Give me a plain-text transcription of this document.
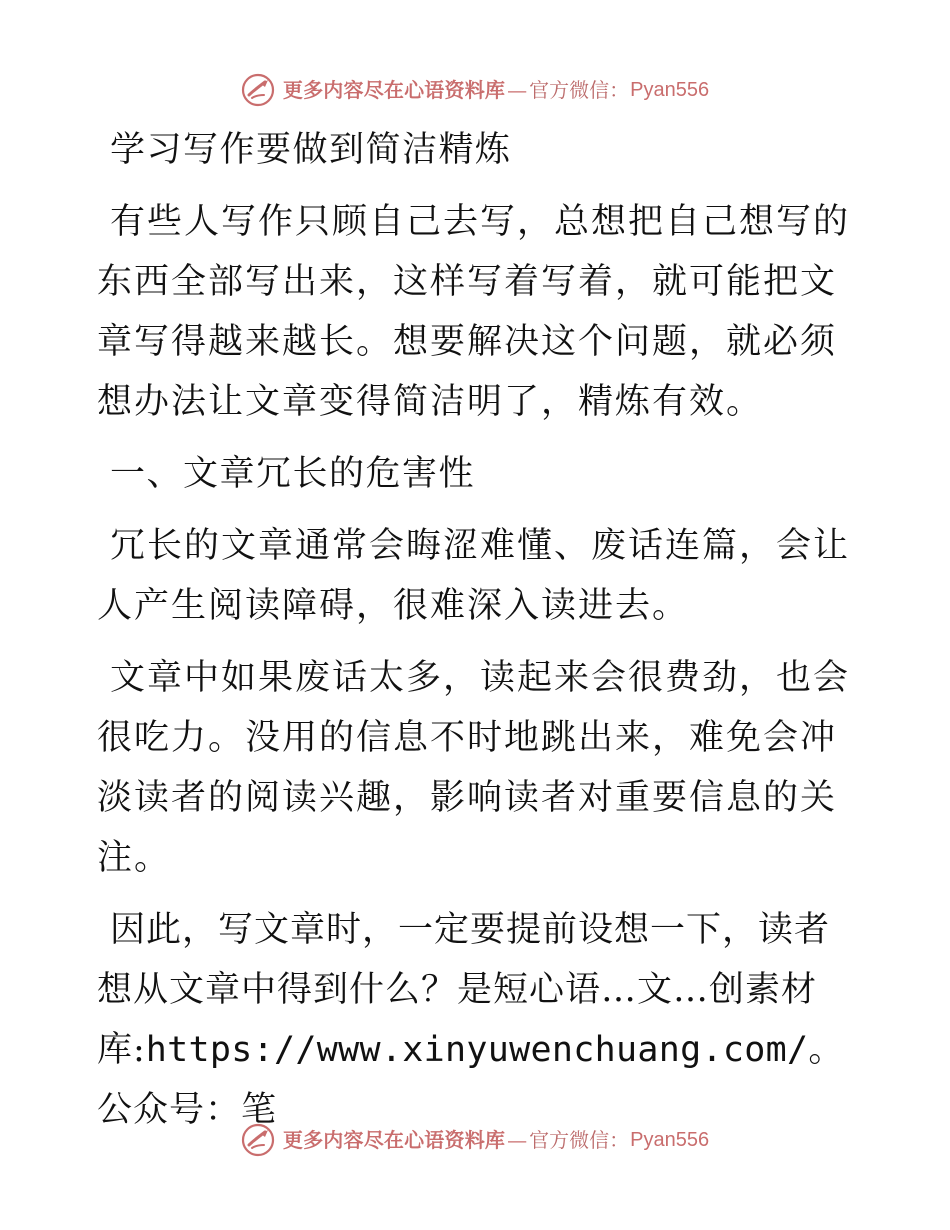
更多内容尽在心语资料库 — 官方微信： Pyan556
学习写作要做到简洁精炼

有些人写作只顾自己去写，总想把自己想写的东西全部写出来，这样写着写着，就可能把文章写得越来越长。想要解决这个问题，就必须想办法让文章变得简洁明了，精炼有效。

一、文章冗长的危害性

冗长的文章通常会晦涩难懂、废话连篇，会让人产生阅读障碍，很难深入读进去。

文章中如果废话太多，读起来会很费劲，也会很吃力。没用的信息不时地跳出来，难免会冲淡读者的阅读兴趣，影响读者对重要信息的关注。

因此，写文章时，一定要提前设想一下，读者想从文章中得到什么？是短心语…文…创素材库:https://www.xinyuwenchuang.com/。公众号：笔

更多内容尽在心语资料库 — 官方微信： Pyan556
